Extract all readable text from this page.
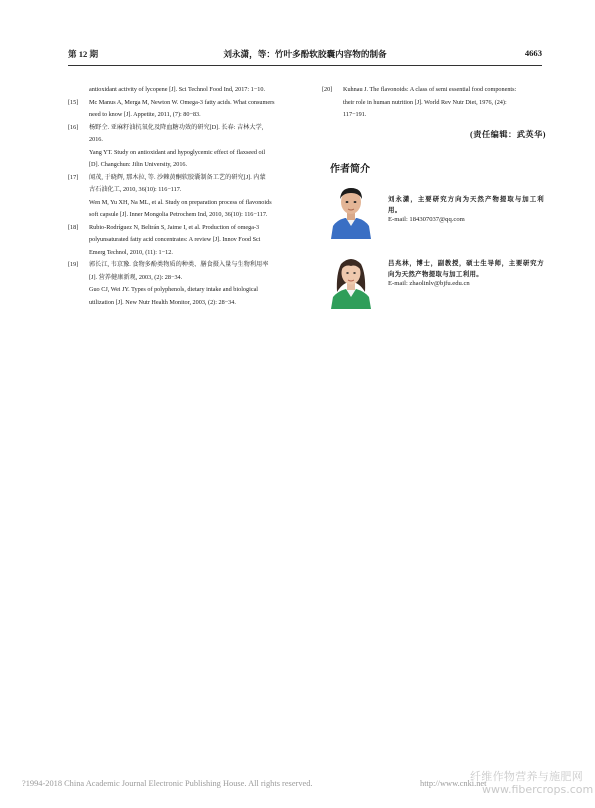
第 12 期	刘永潇，等：竹叶多酚软胶囊内容物的制备	4663
antioxidant activity of lycopene [J]. Sci Technol Food Ind, 2017: 1−10.
[15] Mc Manus A, Merga M, Newton W. Omega-3 fatty acids. What consumers
need to know [J]. Appetite, 2011, (7): 80−83.
[16] 杨野仝. 亚麻籽油抗氧化及降血糖功效的研究[D]. 长春: 吉林大学,
2016.
Yang YT. Study on antioxidant and hypoglycemic effect of flaxseed oil
[D]. Changchun: Jilin University, 2016.
[17] 闻茂, 于晓辉, 那木拉, 等. 沙棘黄酮软胶囊制备工艺的研究[J]. 内蒙
古石油化工, 2010, 36(10): 116−117.
Wen M, Yu XH, Na ML, et al. Study on preparation process of flavonoids
soft capsule [J]. Inner Mongolia Petrochem Ind, 2010, 36(10): 116−117.
[18] Rubio-Rodríguez N, Beltrán S, Jaime I, et al. Production of omega-3
polyunsaturated fatty acid concentrates: A review [J]. Innov Food Sci
Emerg Technol, 2010, (11): 1−12.
[19] 郭长江, 韦京豫. 食物多酚类物质的种类、膳食摄入量与生物利用率
[J]. 营养健康新观, 2003, (2): 28−34.
Guo CJ, Wei JY. Types of polyphenols, dietary intake and biological
utilization [J]. New Nutr Health Monitor, 2003, (2): 28−34.
[20] Kuhnau J. The flavonoids: A class of semi essential food components:
their role in human nutrition [J]. World Rev Nutr Diet, 1976, (24):
117−191.
(责任编辑：武英华)
作者简介
刘永潇，主要研究方向为天然产物提取与加工利用。
E-mail: 184307037@qq.com
吕兆林，博士，副教授，硕士生导师，主要研究方向为天然产物提取与加工利用。
E-mail: zhaolinlv@bjfu.edu.cn
?1994-2018 China Academic Journal Electronic Publishing House. All rights reserved.	http://www.cnki.net
纤维作物营养与施肥网
www.fibercrops.com
